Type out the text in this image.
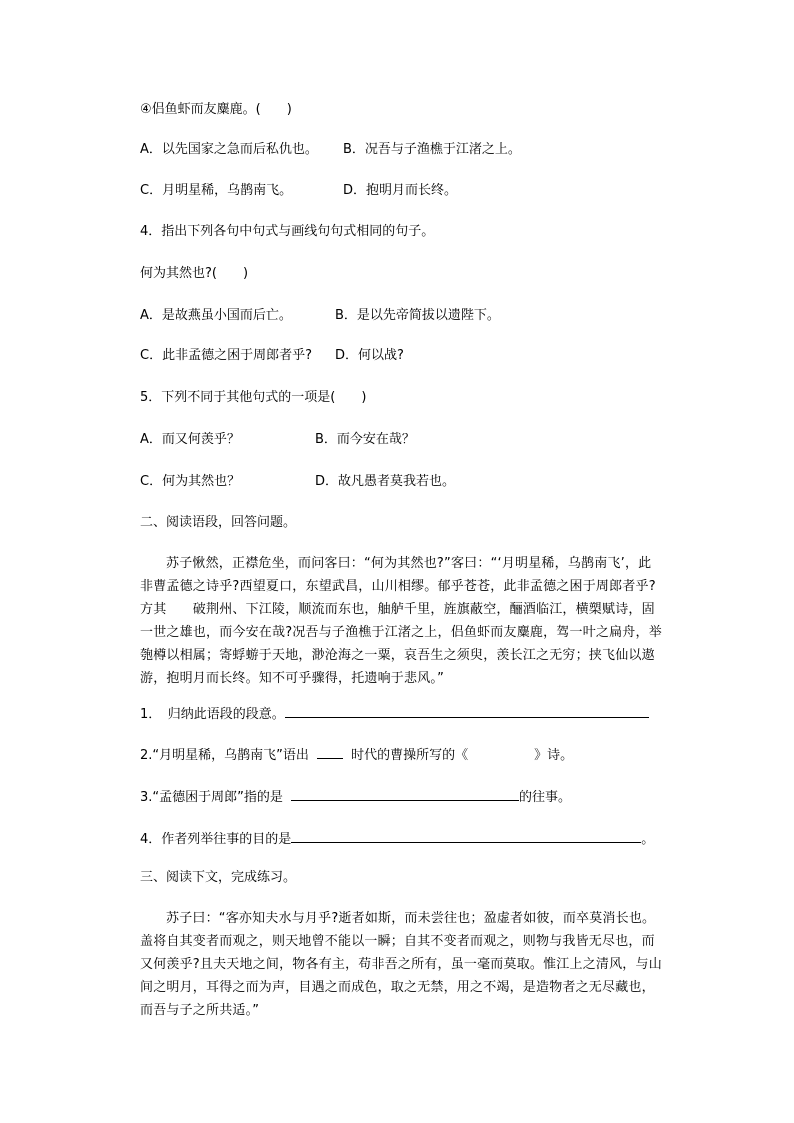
④侣鱼虾而友麋鹿。(　　)
A．以先国家之急而后私仇也。 B．况吾与子渔樵于江渚之上。
C．月明星稀，乌鹊南飞。	D．抱明月而长终。
4．指出下列各句中句式与画线句句式相同的句子。
何为其然也?(　　)
A．是故燕虽小国而后亡。	B．是以先帝简拔以遗陛下。
C．此非孟德之困于周郎者乎? D．何以战?
5．下列不同于其他句式的一项是(　　)
A．而又何羡乎？	B．而今安在哉？
C．何为其然也？	D．故凡愚者莫我若也。
二、阅读语段，回答问题。

苏子愀然，正襟危坐，而问客曰：“何为其然也?”客曰：“‘月明星稀，乌鹊南飞’，此非曹孟德之诗乎?西望夏口，东望武昌，山川相缪。郁乎苍苍，此非孟德之困于周郎者乎?方其　　破荆州、下江陵，顺流而东也，舳舻千里，旌旗蔽空，酾酒临江，横槊赋诗，固一世之雄也，而今安在哉?况吾与子渔樵于江渚之上，侣鱼虾而友麋鹿，驾一叶之扁舟，举匏樽以相属；寄蜉蝣于天地，渺沧海之一粟，哀吾生之须臾，羡长江之无穷；挟飞仙以遨游，抱明月而长终。知不可乎骤得，托遗响于悲风。”

1．　归纳此语段的段意。
2.“月明星稀，乌鹊南飞”语出	时代的曹操所写的《	》诗。
3.“孟德困于周郎”指的是	的往事。
4．作者列举往事的目的是	。
三、阅读下文，完成练习。

苏子曰：“客亦知夫水与月乎?逝者如斯，而未尝往也；盈虚者如彼，而卒莫消长也。盖将自其变者而观之，则天地曾不能以一瞬；自其不变者而观之，则物与我皆无尽也，而又何羡乎?且夫天地之间，物各有主，苟非吾之所有，虽一毫而莫取。惟江上之清风，与山间之明月，耳得之而为声，目遇之而成色，取之无禁，用之不竭，是造物者之无尽藏也，而吾与子之所共适。”
